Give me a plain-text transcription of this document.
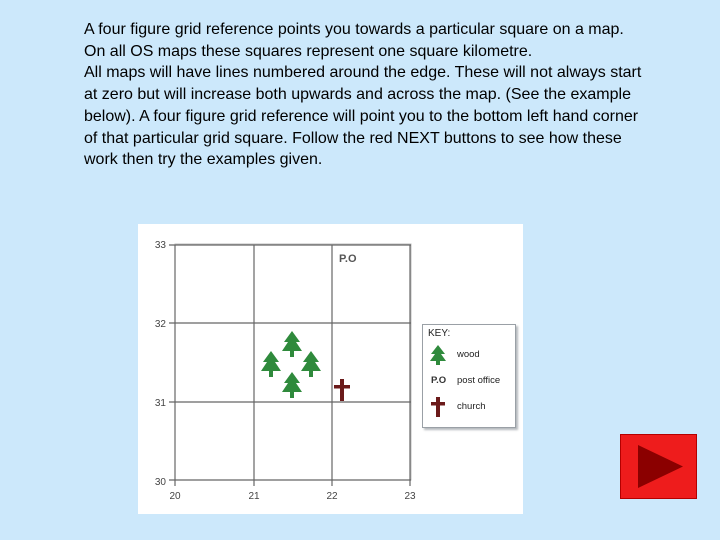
A four figure grid reference points you towards a particular square on a map. On all OS maps these squares represent one square kilometre.

All maps will have lines numbered around the edge. These will not always start at zero but will increase both upwards and across the map. (See the example below). A four figure grid reference will point you to the bottom left hand corner of that particular grid square. Follow the red NEXT buttons to see how these work then try the examples given.

20	21	22	23
30
31
32
33
P.O
KEY:
wood
P.O post office
church
